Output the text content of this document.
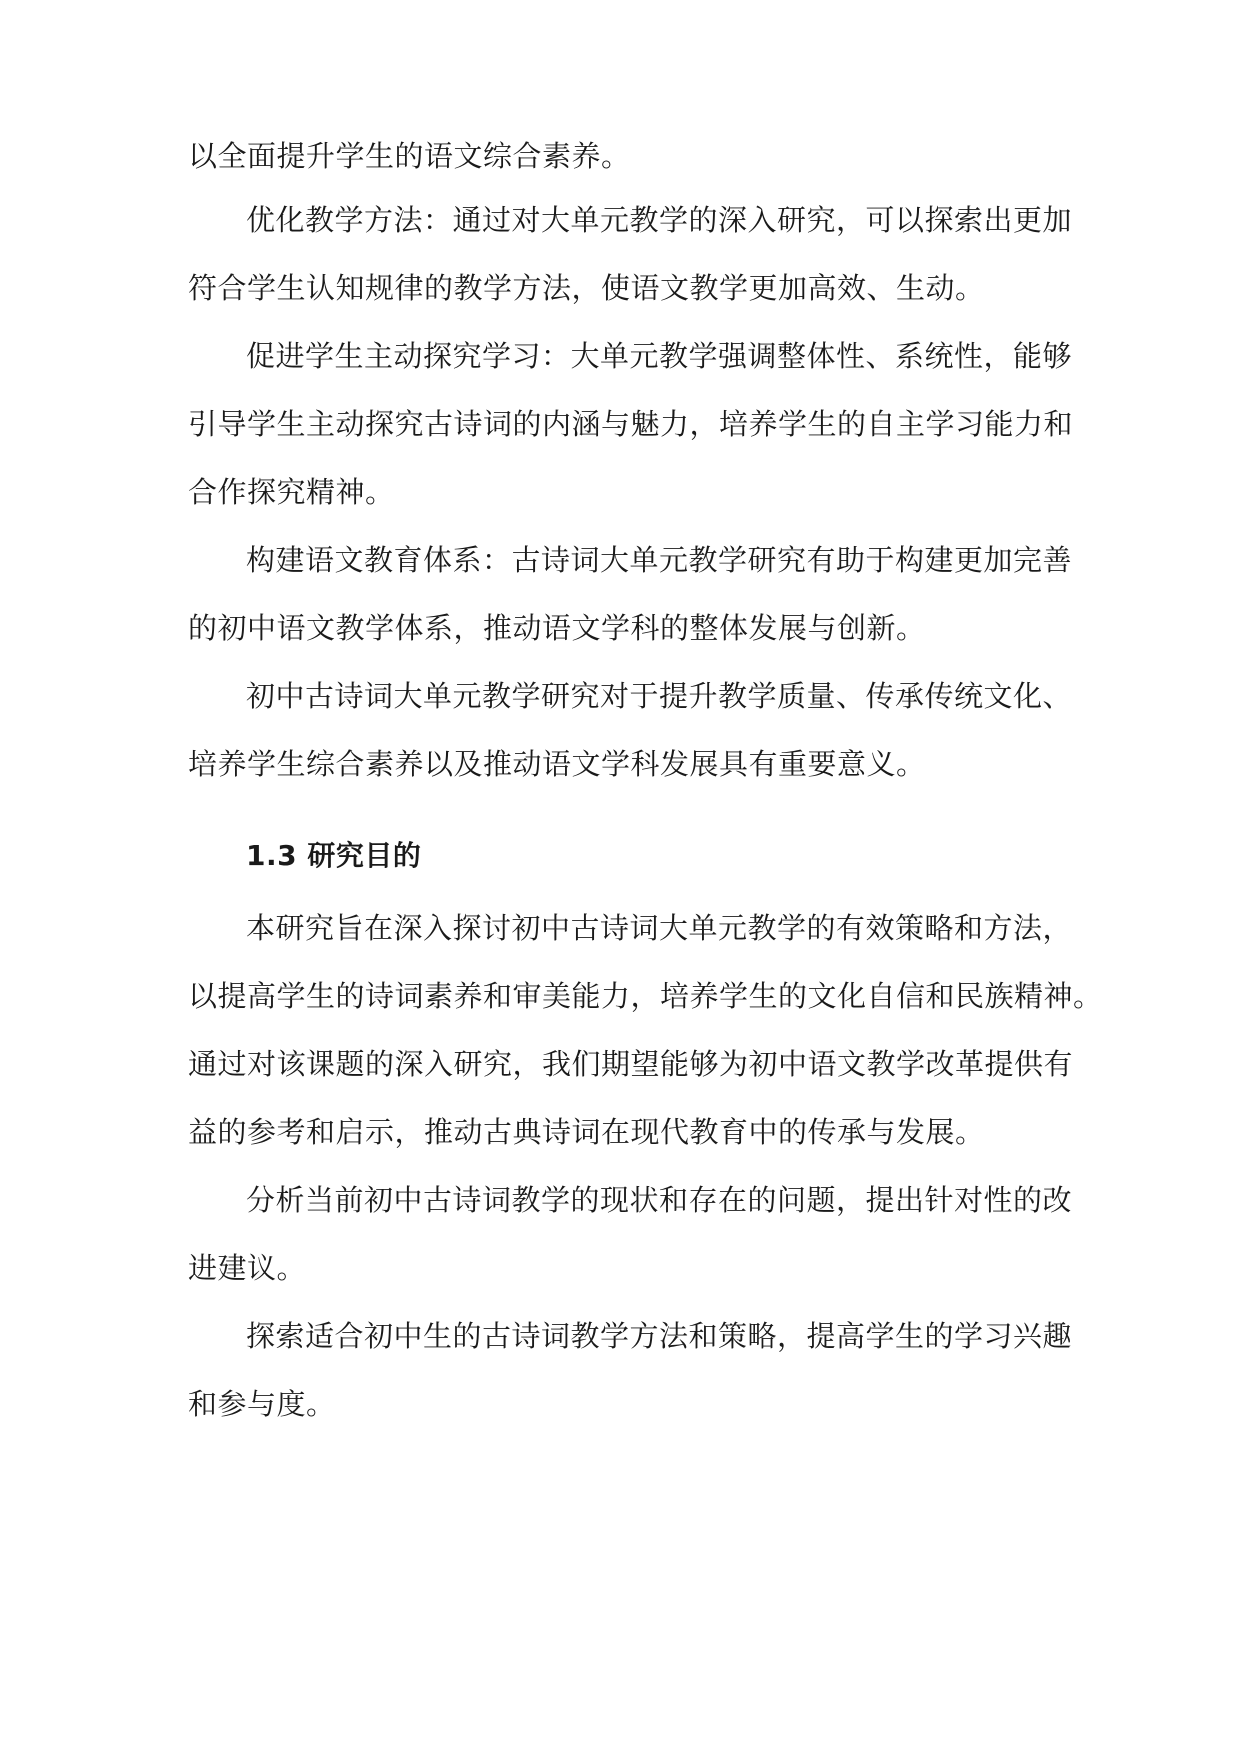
以全面提升学生的语文综合素养。
优化教学方法：通过对大单元教学的深入研究，可以探索出更加
符合学生认知规律的教学方法，使语文教学更加高效、生动。
促进学生主动探究学习：大单元教学强调整体性、系统性，能够
引导学生主动探究古诗词的内涵与魅力，培养学生的自主学习能力和
合作探究精神。
构建语文教育体系：古诗词大单元教学研究有助于构建更加完善
的初中语文教学体系，推动语文学科的整体发展与创新。
初中古诗词大单元教学研究对于提升教学质量、传承传统文化、
培养学生综合素养以及推动语文学科发展具有重要意义。
1.3 研究目的
本研究旨在深入探讨初中古诗词大单元教学的有效策略和方法，
以提高学生的诗词素养和审美能力，培养学生的文化自信和民族精神。
通过对该课题的深入研究，我们期望能够为初中语文教学改革提供有
益的参考和启示，推动古典诗词在现代教育中的传承与发展。
分析当前初中古诗词教学的现状和存在的问题，提出针对性的改
进建议。
探索适合初中生的古诗词教学方法和策略，提高学生的学习兴趣
和参与度。
